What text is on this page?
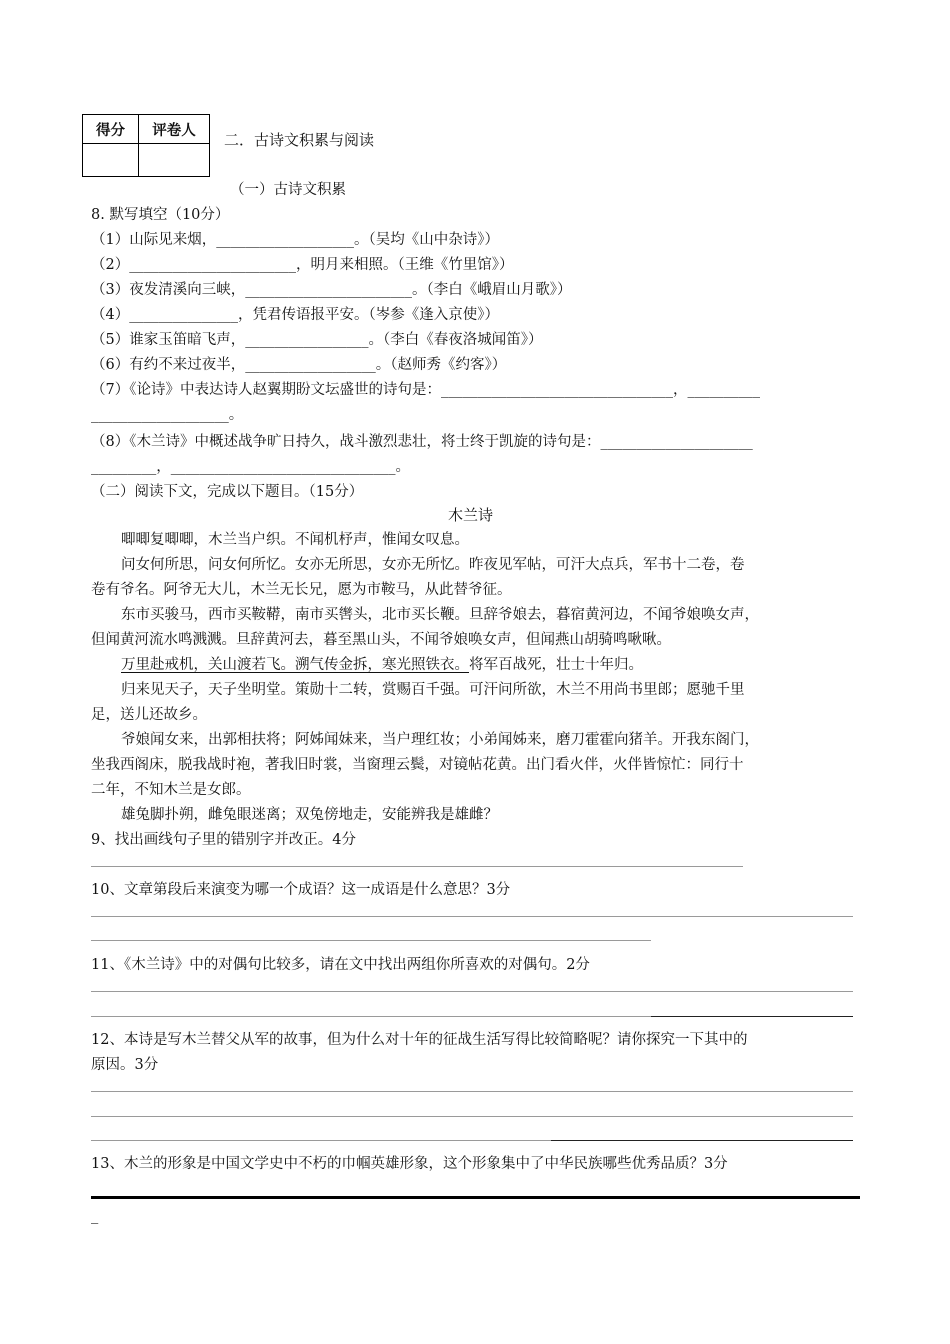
得分	评卷人

二．古诗文积累与阅读
（一）古诗文积累
8. 默写填空（10分）
（1）山际见来烟，___________________。（吴均《山中杂诗》）
（2）_______________________，明月来相照。（王维《竹里馆》）
（3）夜发清溪向三峡，_______________________。（李白《峨眉山月歌》）
（4）_______________，凭君传语报平安。（岑参《逢入京使》）
（5）谁家玉笛暗飞声，_________________。（李白《春夜洛城闻笛》）
（6）有约不来过夜半，__________________。（赵师秀《约客》）
（7）《论诗》中表达诗人赵翼期盼文坛盛世的诗句是：________________________________，__________
___________________。
（8）《木兰诗》中概述战争旷日持久，战斗激烈悲壮，将士终于凯旋的诗句是：_____________________
_________，_______________________________。
（二）阅读下文，完成以下题目。（15分）
木兰诗
唧唧复唧唧，木兰当户织。不闻机杼声，惟闻女叹息。
问女何所思，问女何所忆。女亦无所思，女亦无所忆。昨夜见军帖，可汗大点兵，军书十二卷，卷
卷有爷名。阿爷无大儿，木兰无长兄，愿为市鞍马，从此替爷征。
东市买骏马，西市买鞍鞯，南市买辔头，北市买长鞭。旦辞爷娘去，暮宿黄河边，不闻爷娘唤女声，
但闻黄河流水鸣溅溅。旦辞黄河去，暮至黑山头，不闻爷娘唤女声，但闻燕山胡骑鸣啾啾。
万里赴戒机，关山渡若飞。溯气传金拆，寒光照铁衣。将军百战死，壮士十年归。
归来见天子，天子坐明堂。策勋十二转，赏赐百千强。可汗问所欲，木兰不用尚书里郎；愿驰千里
足，送儿还故乡。
爷娘闻女来，出郭相扶将；阿姊闻妹来，当户理红妆；小弟闻姊来，磨刀霍霍向猪羊。开我东阁门，
坐我西阁床，脱我战时袍，著我旧时裳，当窗理云鬓，对镜帖花黄。出门看火伴，火伴皆惊忙：同行十
二年，不知木兰是女郎。
雄兔脚扑朔，雌兔眼迷离；双兔傍地走，安能辨我是雄雌？
9、找出画线句子里的错别字并改正。4分
10、文章第段后来演变为哪一个成语？这一成语是什么意思？3分
11、《木兰诗》中的对偶句比较多，请在文中找出两组你所喜欢的对偶句。2分
12、本诗是写木兰替父从军的故事，但为什么对十年的征战生活写得比较简略呢？请你探究一下其中的
原因。3分
13、木兰的形象是中国文学史中不朽的巾帼英雄形象，这个形象集中了中华民族哪些优秀品质？3分
_
